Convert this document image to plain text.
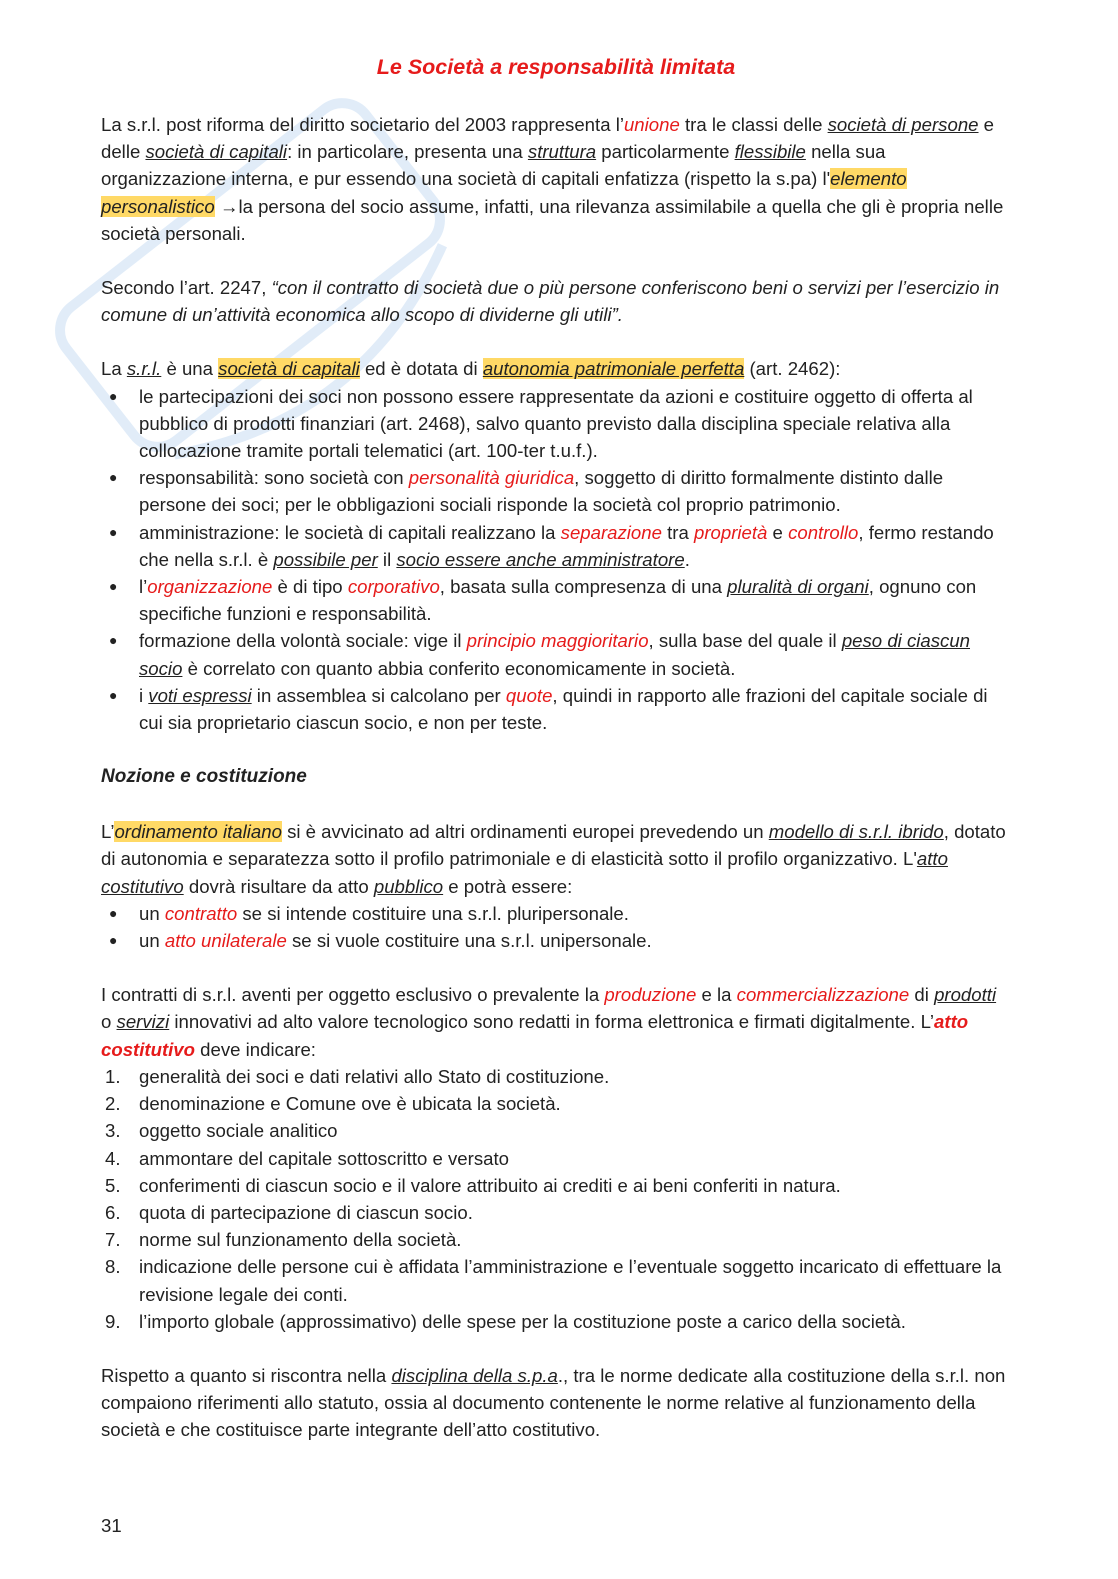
Le Società a responsabilità limitata

La s.r.l. post riforma del diritto societario del 2003 rappresenta l’unione tra le classi delle società di persone e delle società di capitali: in particolare, presenta una struttura particolarmente flessibile nella sua organizzazione interna, e pur essendo una società di capitali enfatizza (rispetto la s.pa) l'elemento personalistico →la persona del socio assume, infatti, una rilevanza assimilabile a quella che gli è propria nelle società personali.

Secondo l’art. 2247, “con il contratto di società due o più persone conferiscono beni o servizi per l’esercizio in comune di un’attività economica allo scopo di dividerne gli utili”.

La s.r.l. è una società di capitali ed è dotata di autonomia patrimoniale perfetta (art. 2462):

● le partecipazioni dei soci non possono essere rappresentate da azioni e costituire oggetto di offerta al pubblico di prodotti finanziari (art. 2468), salvo quanto previsto dalla disciplina speciale relativa alla collocazione tramite portali telematici (art. 100-ter t.u.f.).
● responsabilità: sono società con personalità giuridica, soggetto di diritto formalmente distinto dalle persone dei soci; per le obbligazioni sociali risponde la società col proprio patrimonio.
● amministrazione: le società di capitali realizzano la separazione tra proprietà e controllo, fermo restando che nella s.r.l. è possibile per il socio essere anche amministratore.
● l’organizzazione è di tipo corporativo, basata sulla compresenza di una pluralità di organi, ognuno con specifiche funzioni e responsabilità.
● formazione della volontà sociale: vige il principio maggioritario, sulla base del quale il peso di ciascun socio è correlato con quanto abbia conferito economicamente in società.
● i voti espressi in assemblea si calcolano per quote, quindi in rapporto alle frazioni del capitale sociale di cui sia proprietario ciascun socio, e non per teste.
Nozione e costituzione

L’ordinamento italiano si è avvicinato ad altri ordinamenti europei prevedendo un modello di s.r.l. ibrido, dotato di autonomia e separatezza sotto il profilo patrimoniale e di elasticità sotto il profilo organizzativo. L'atto costitutivo dovrà risultare da atto pubblico e potrà essere:

● un contratto se si intende costituire una s.r.l. pluripersonale.
● un atto unilaterale se si vuole costituire una s.r.l. unipersonale.

I contratti di s.r.l. aventi per oggetto esclusivo o prevalente la produzione e la commercializzazione di prodotti o servizi innovativi ad alto valore tecnologico sono redatti in forma elettronica e firmati digitalmente. L’atto costitutivo deve indicare:

1. generalità dei soci e dati relativi allo Stato di costituzione.
2. denominazione e Comune ove è ubicata la società.
3. oggetto sociale analitico
4. ammontare del capitale sottoscritto e versato
5. conferimenti di ciascun socio e il valore attribuito ai crediti e ai beni conferiti in natura.
6. quota di partecipazione di ciascun socio.
7. norme sul funzionamento della società.
8. indicazione delle persone cui è affidata l’amministrazione e l’eventuale soggetto incaricato di effettuare la revisione legale dei conti.
9. l’importo globale (approssimativo) delle spese per la costituzione poste a carico della società.

Rispetto a quanto si riscontra nella disciplina della s.p.a., tra le norme dedicate alla costituzione della s.r.l. non compaiono riferimenti allo statuto, ossia al documento contenente le norme relative al funzionamento della società e che costituisce parte integrante dell’atto costitutivo.

31
